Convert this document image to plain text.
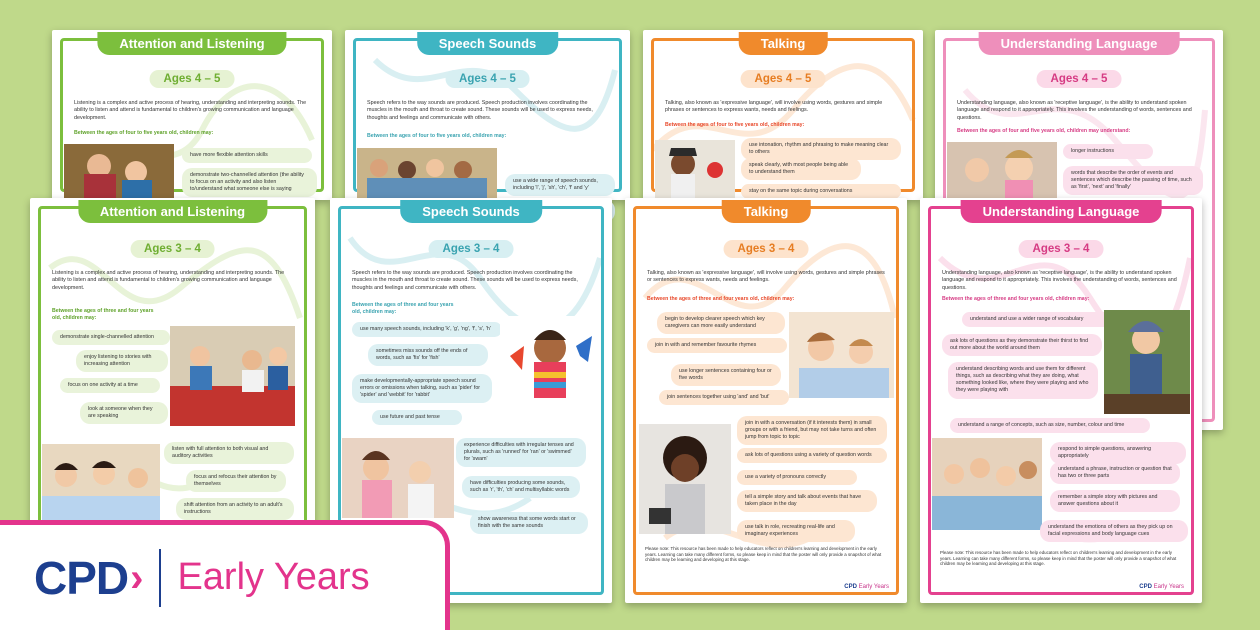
Attention and Listening
Ages 4 – 5
Listening is a complex and active process of hearing, understanding and interpreting sounds. The ability to listen and attend is fundamental to children's growing communication and language development.
Between the ages of four to five years old, children may:
have more flexible attention skills
demonstrate two-channelled attention (the ability to focus on an activity and also listen to/understand what someone else is saying
Speech Sounds
Ages 4 – 5
Speech refers to the way sounds are produced. Speech production involves coordinating the muscles in the mouth and throat to create sound. These sounds will be used to express needs, thoughts and feelings and communicate with others.
Between the ages of four to five years old, children may:
use a wide range of speech sounds, including 'l', 'j', 'sh', 'ch', 'f' and 'y'
Talking
Ages 4 – 5
Talking, also known as 'expressive language', will involve using words, gestures and simple phrases or sentences to express wants, needs and feelings.
Between the ages of four to five years old, children may:
use intonation, rhythm and phrasing to make meaning clear to others
speak clearly, with most people being able to understand them
stay on the same topic during conversations
Understanding Language
Ages 4 – 5
Understanding language, also known as 'receptive language', is the ability to understand spoken language and respond to it appropriately. This involves the understanding of words, sentences and questions.
Between the ages of four and five years old, children may understand:
longer instructions
words that describe the order of events and sentences which describe the passing of time, such as 'first', 'next' and 'finally'
Attention and Listening
Ages 3 – 4
Listening is a complex and active process of hearing, understanding and interpreting sounds. The ability to listen and attend is fundamental to children's growing communication and language development.
Between the ages of three and four years old, children may:
demonstrate single-channelled attention
enjoy listening to stories with increasing attention
focus on one activity at a time
look at someone when they are speaking
listen with full attention to both visual and auditory activities
focus and refocus their attention by themselves
shift attention from an activity to an adult's instructions
Speech Sounds
Ages 3 – 4
Speech refers to the way sounds are produced. Speech production involves coordinating the muscles in the mouth and throat to create sound. These sounds will be used to express needs, thoughts and feelings and communicate with others.
Between the ages of three and four years old, children may:
use many speech sounds, including 'k', 'g', 'ng', 'f', 's', 'h'
sometimes miss sounds off the ends of words, such as 'fis' for 'fish'
make developmentally-appropriate speech sound errors or omissions when talking, such as 'pider' for 'spider' and 'webbit' for 'rabbit'
use future and past tense
experience difficulties with irregular tenses and plurals, such as 'runned' for 'ran' or 'swimmed' for 'swam'
have difficulties producing some sounds, such as 'r', 'th', 'ch' and multisyllabic words
show awareness that some words start or finish with the same sounds
Talking
Ages 3 – 4
Talking, also known as 'expressive language', will involve using words, gestures and simple phrases or sentences to express wants, needs and feelings.
Between the ages of three and four years old, children may:
begin to develop clearer speech which key caregivers can more easily understand
join in with and remember favourite rhymes
use longer sentences containing four or five words
join sentences together using 'and' and 'but'
join in with a conversation (if it interests them) in small groups or with a friend, but may not take turns and often jump from topic to topic
ask lots of questions using a variety of question words
use a variety of pronouns correctly
tell a simple story and talk about events that have taken place in the day
use talk in role, recreating real-life and imaginary experiences
Please note: This resource has been made to help educators reflect on children's learning and development in the early years. Learning can take many different forms, so please keep in mind that the poster will only provide a snapshot of what children may be learning and developing at this stage.
CPD Early Years
Understanding Language
Ages 3 – 4
Understanding language, also known as 'receptive language', is the ability to understand spoken language and respond to it appropriately. This involves the understanding of words, sentences and questions.
Between the ages of three and four years old, children may:
understand and use a wider range of vocabulary
ask lots of questions as they demonstrate their thirst to find out more about the world around them
understand describing words and use them for different things, such as describing what they are doing, what something looked like, where they were playing and who they were playing with
understand a range of concepts, such as size, number, colour and time
respond to simple questions, answering appropriately
understand a phrase, instruction or question that has two or three parts
remember a simple story with pictures and answer questions about it
understand the emotions of others as they pick up on facial expressions and body language cues
Please note: This resource has been made to help educators reflect on children's learning and development in the early years. Learning can take many different forms, so please keep in mind that the poster will only provide a snapshot of what children may be learning and developing at this stage.
CPD Early Years
CPD › Early Years
